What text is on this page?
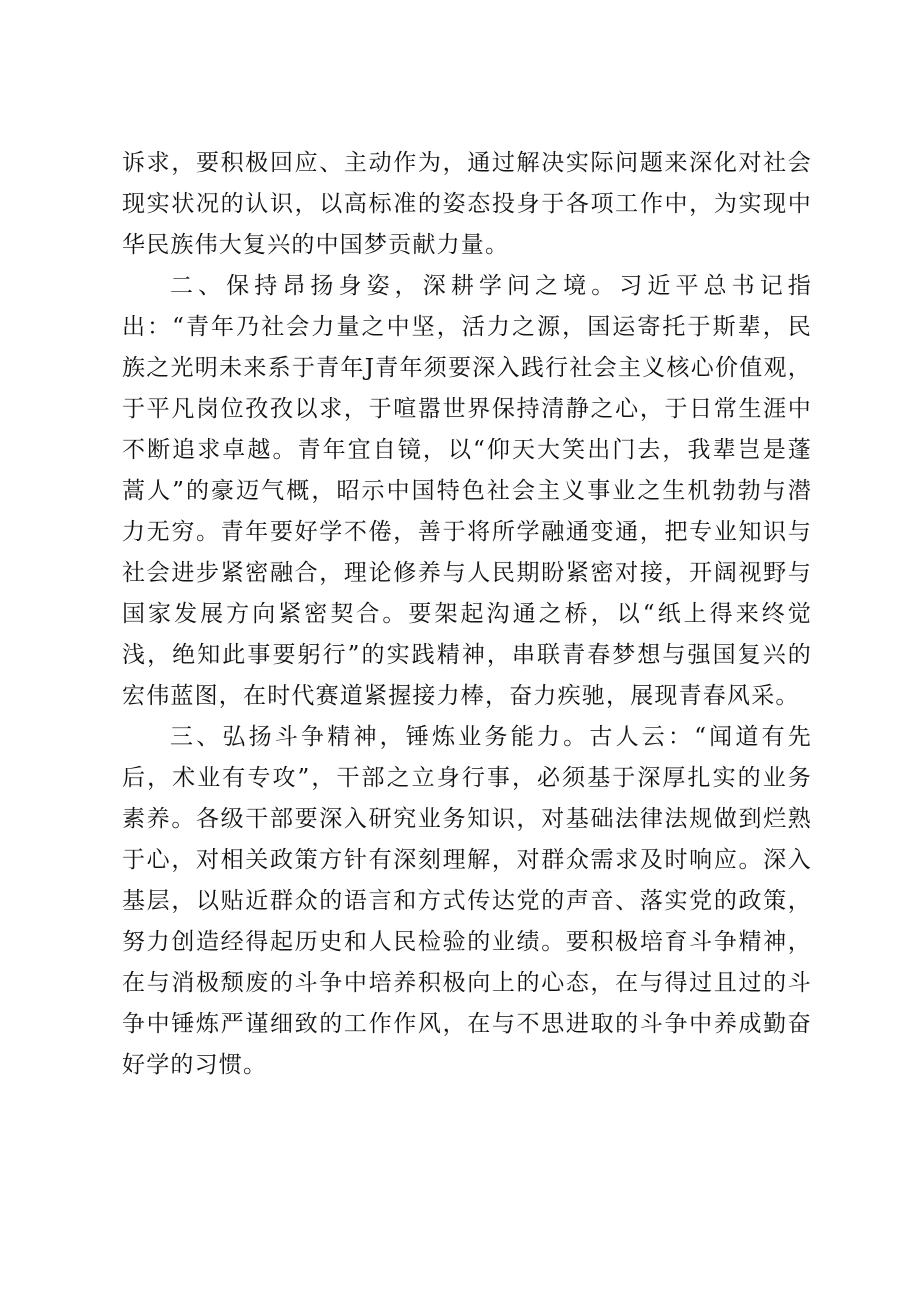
诉求，要积极回应、主动作为，通过解决实际问题来深化对社会现实状况的认识，以高标准的姿态投身于各项工作中，为实现中华民族伟大复兴的中国梦贡献力量。

二、保持昂扬身姿，深耕学问之境。习近平总书记指出：“青年乃社会力量之中坚，活力之源，国运寄托于斯辈，民族之光明未来系于青年J青年须要深入践行社会主义核心价值观，于平凡岗位孜孜以求，于喧嚣世界保持清静之心，于日常生涯中不断追求卓越。青年宜自镜，以“仰天大笑出门去，我辈岂是蓬蒿人”的豪迈气概，昭示中国特色社会主义事业之生机勃勃与潜力无穷。青年要好学不倦，善于将所学融通变通，把专业知识与社会进步紧密融合，理论修养与人民期盼紧密对接，开阔视野与国家发展方向紧密契合。要架起沟通之桥，以“纸上得来终觉浅，绝知此事要躬行”的实践精神，串联青春梦想与强国复兴的宏伟蓝图，在时代赛道紧握接力棒，奋力疾驰，展现青春风采。

三、弘扬斗争精神，锤炼业务能力。古人云：“闻道有先后，术业有专攻”，干部之立身行事，必须基于深厚扎实的业务素养。各级干部要深入研究业务知识，对基础法律法规做到烂熟于心，对相关政策方针有深刻理解，对群众需求及时响应。深入基层，以贴近群众的语言和方式传达党的声音、落实党的政策，努力创造经得起历史和人民检验的业绩。要积极培育斗争精神，在与消极颓废的斗争中培养积极向上的心态，在与得过且过的斗争中锤炼严谨细致的工作作风，在与不思进取的斗争中养成勤奋好学的习惯。
